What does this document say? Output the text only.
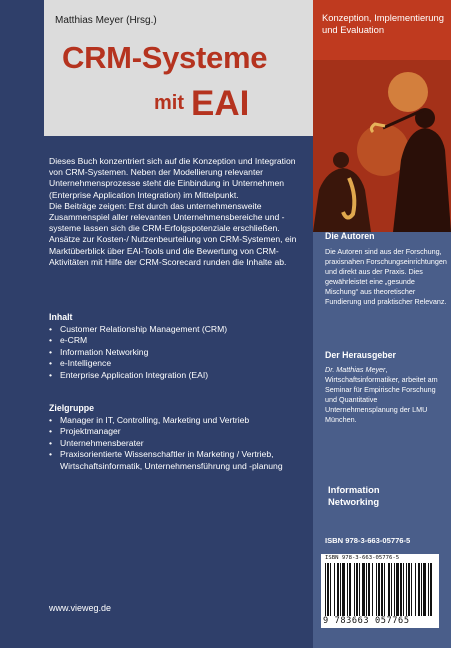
Matthias Meyer (Hrsg.)
CRM-Systeme
mit EAI

Dieses Buch konzentriert sich auf die Konzeption und Integration von CRM-Systemen. Neben der Modellierung relevanter Unternehmensprozesse steht die Einbindung in Unternehmen (Enterprise Application Integration) im Mittelpunkt.

Die Beiträge zeigen: Erst durch das unternehmensweite Zusammenspiel aller relevanten Unternehmensbereiche und -systeme lassen sich die CRM-Erfolgspotenziale erschließen. Ansätze zur Kosten-/ Nutzenbeurteilung von CRM-Systemen, ein Marktüberblick über EAI-Tools und die Bewertung von CRM-Aktivitäten mit Hilfe der CRM-Scorecard runden die Inhalte ab.

Inhalt
• Customer Relationship Management (CRM)
• e-CRM
• Information Networking
• e-Intelligence
• Enterprise Application Integration (EAI)
Zielgruppe
• Manager in IT, Controlling, Marketing und Vertrieb
• Projektmanager
• Unternehmensberater
• Praxisorientierte Wissenschaftler in Marketing / Vertrieb, Wirtschaftsinformatik, Unternehmensführung und -planung
www.vieweg.de
Konzeption, Implementierung und Evaluation
Die Autoren
Die Autoren sind aus der Forschung, praxisnahen Forschungseinrichtungen und direkt aus der Praxis. Dies gewährleistet eine „gesunde Mischung“ aus theoretischer Fundierung und praktischer Relevanz.
Der Herausgeber
Dr. Matthias Meyer, Wirtschaftsinformatiker, arbeitet am Seminar für Empirische Forschung und Quantitative Unternehmensplanung der LMU München.
Information
Networking
ISBN 978-3-663-05776-5
ISBN 978-3-663-05776-5
9 783663 057765
